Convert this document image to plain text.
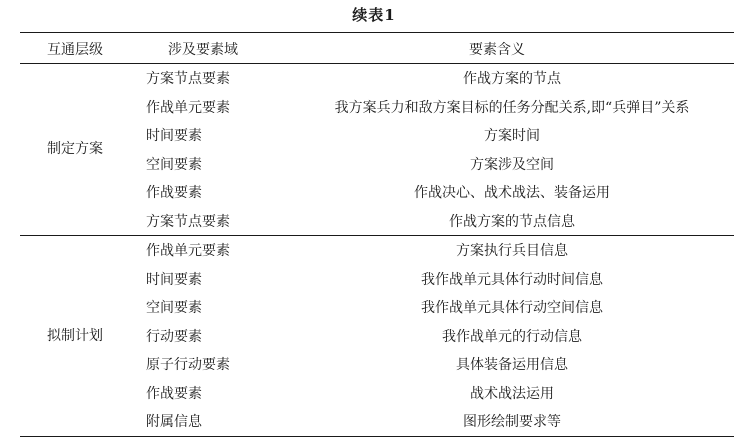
续表1
互通层级	涉及要素域	要素含义
制定方案
方案节点要素	作战方案的节点
作战单元要素	我方案兵力和敌方案目标的任务分配关系,即“兵弹目”关系
时间要素	方案时间
空间要素	方案涉及空间
作战要素	作战决心、战术战法、装备运用
方案节点要素	作战方案的节点信息
拟制计划
作战单元要素	方案执行兵目信息
时间要素	我作战单元具体行动时间信息
空间要素	我作战单元具体行动空间信息
行动要素	我作战单元的行动信息
原子行动要素	具体装备运用信息
作战要素	战术战法运用
附属信息	图形绘制要求等
